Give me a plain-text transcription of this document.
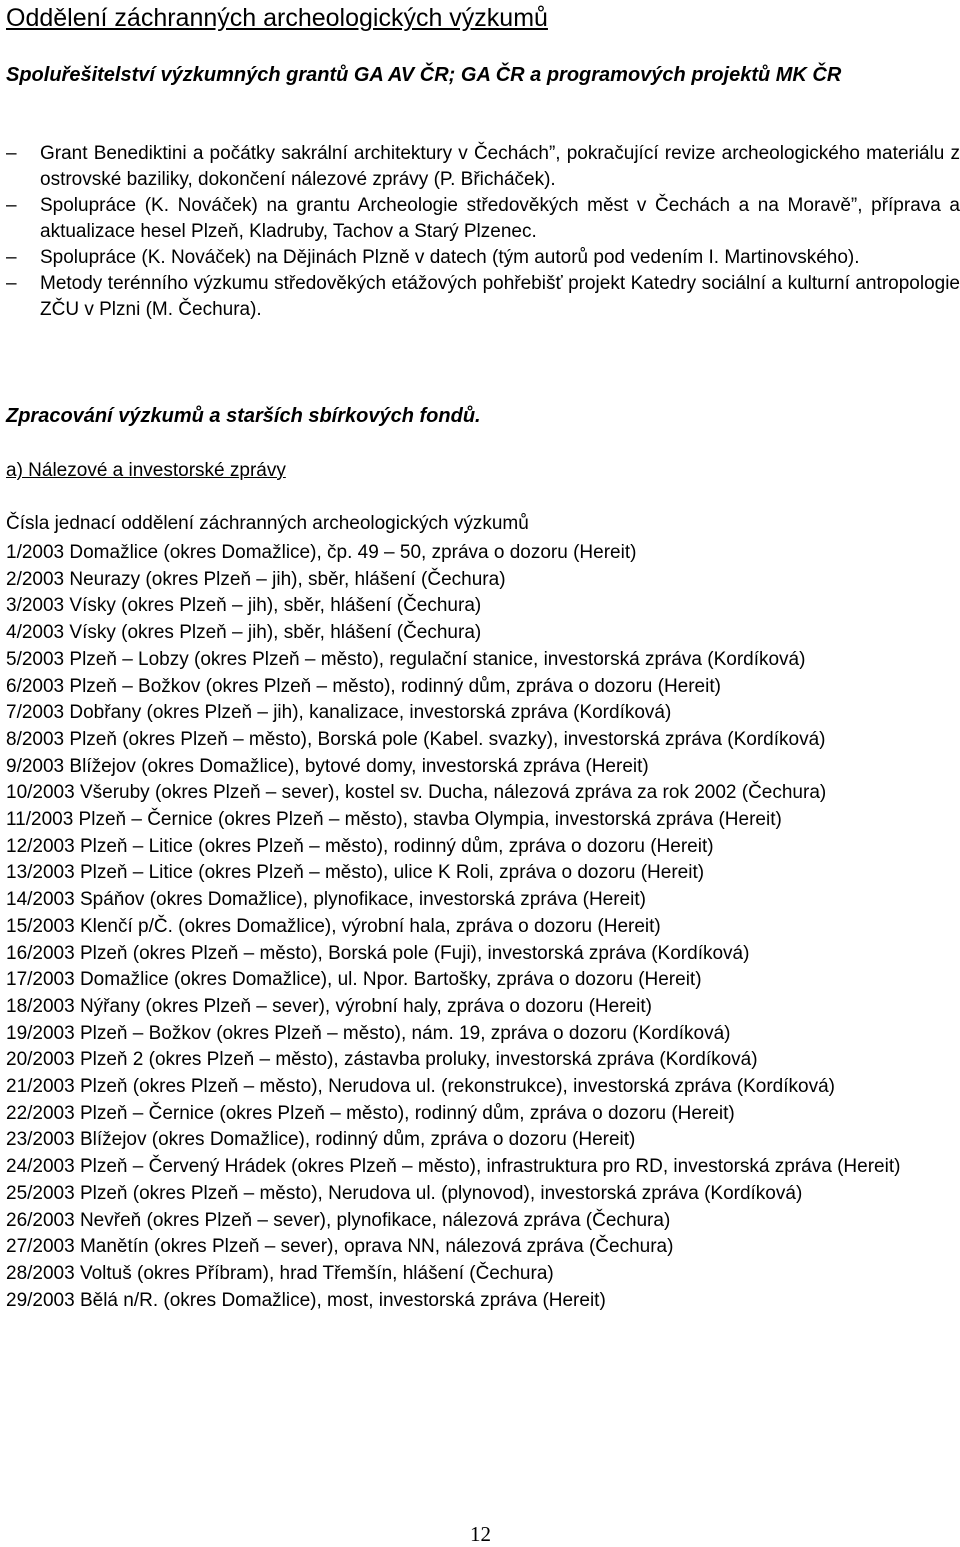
Oddělení záchranných archeologických výzkumů
Spoluřešitelství výzkumných grantů GA AV ČR; GA ČR a programových projektů MK ČR
– Grant Benediktini a počátky sakrální architektury v Čechách”, pokračující revize archeologického materiálu z ostrovské baziliky, dokončení nálezové zprávy (P. Břicháček).
– Spolupráce (K. Nováček) na grantu Archeologie středověkých měst v Čechách a na Moravě”, příprava a aktualizace hesel Plzeň, Kladruby, Tachov a Starý Plzenec.
– Spolupráce (K. Nováček) na Dějinách Plzně v datech (tým autorů pod vedením I. Martinovského).
– Metody terénního výzkumu středověkých etážových pohřebišť projekt Katedry sociální a kulturní antropologie ZČU v Plzni (M. Čechura).
Zpracování výzkumů a starších sbírkových fondů.
a) Nálezové a investorské zprávy
Čísla jednací oddělení záchranných archeologických výzkumů
1/2003 Domažlice (okres Domažlice), čp. 49 – 50, zpráva o dozoru (Hereit)
2/2003 Neurazy (okres Plzeň – jih), sběr, hlášení (Čechura)
3/2003 Vísky (okres Plzeň – jih), sběr, hlášení (Čechura)
4/2003 Vísky (okres Plzeň – jih), sběr, hlášení (Čechura)
5/2003 Plzeň – Lobzy (okres Plzeň – město), regulační stanice, investorská zpráva (Kordíková)
6/2003 Plzeň – Božkov (okres Plzeň – město), rodinný dům, zpráva o dozoru (Hereit)
7/2003 Dobřany (okres Plzeň – jih), kanalizace, investorská zpráva (Kordíková)
8/2003 Plzeň (okres Plzeň – město), Borská pole (Kabel. svazky), investorská zpráva (Kordíková)
9/2003 Blížejov (okres Domažlice), bytové domy, investorská zpráva (Hereit)
10/2003 Všeruby (okres Plzeň – sever), kostel sv. Ducha, nálezová zpráva za rok 2002 (Čechura)
11/2003 Plzeň – Černice (okres Plzeň – město), stavba Olympia, investorská zpráva (Hereit)
12/2003 Plzeň – Litice (okres Plzeň – město), rodinný dům, zpráva o dozoru (Hereit)
13/2003 Plzeň – Litice (okres Plzeň – město), ulice K Roli, zpráva o dozoru (Hereit)
14/2003 Spáňov (okres Domažlice), plynofikace, investorská zpráva (Hereit)
15/2003 Klenčí p/Č. (okres Domažlice), výrobní hala, zpráva o dozoru (Hereit)
16/2003 Plzeň (okres Plzeň – město), Borská pole (Fuji), investorská zpráva (Kordíková)
17/2003 Domažlice (okres Domažlice), ul. Npor. Bartošky, zpráva o dozoru (Hereit)
18/2003 Nýřany (okres Plzeň – sever), výrobní haly, zpráva o dozoru (Hereit)
19/2003 Plzeň – Božkov (okres Plzeň – město), nám. 19, zpráva o dozoru (Kordíková)
20/2003 Plzeň 2 (okres Plzeň – město), zástavba proluky, investorská zpráva (Kordíková)
21/2003 Plzeň (okres Plzeň – město), Nerudova ul. (rekonstrukce), investorská zpráva (Kordíková)
22/2003 Plzeň – Černice (okres Plzeň – město), rodinný dům, zpráva o dozoru (Hereit)
23/2003 Blížejov (okres Domažlice), rodinný dům, zpráva o dozoru (Hereit)
24/2003 Plzeň – Červený Hrádek (okres Plzeň – město), infrastruktura pro RD, investorská zpráva (Hereit)
25/2003 Plzeň (okres Plzeň – město), Nerudova ul. (plynovod), investorská zpráva (Kordíková)
26/2003 Nevřeň (okres Plzeň – sever), plynofikace, nálezová zpráva (Čechura)
27/2003 Manětín (okres Plzeň – sever), oprava NN, nálezová zpráva (Čechura)
28/2003 Voltuš (okres Příbram), hrad Třemšín, hlášení (Čechura)
29/2003 Bělá n/R. (okres Domažlice), most, investorská zpráva (Hereit)
12
